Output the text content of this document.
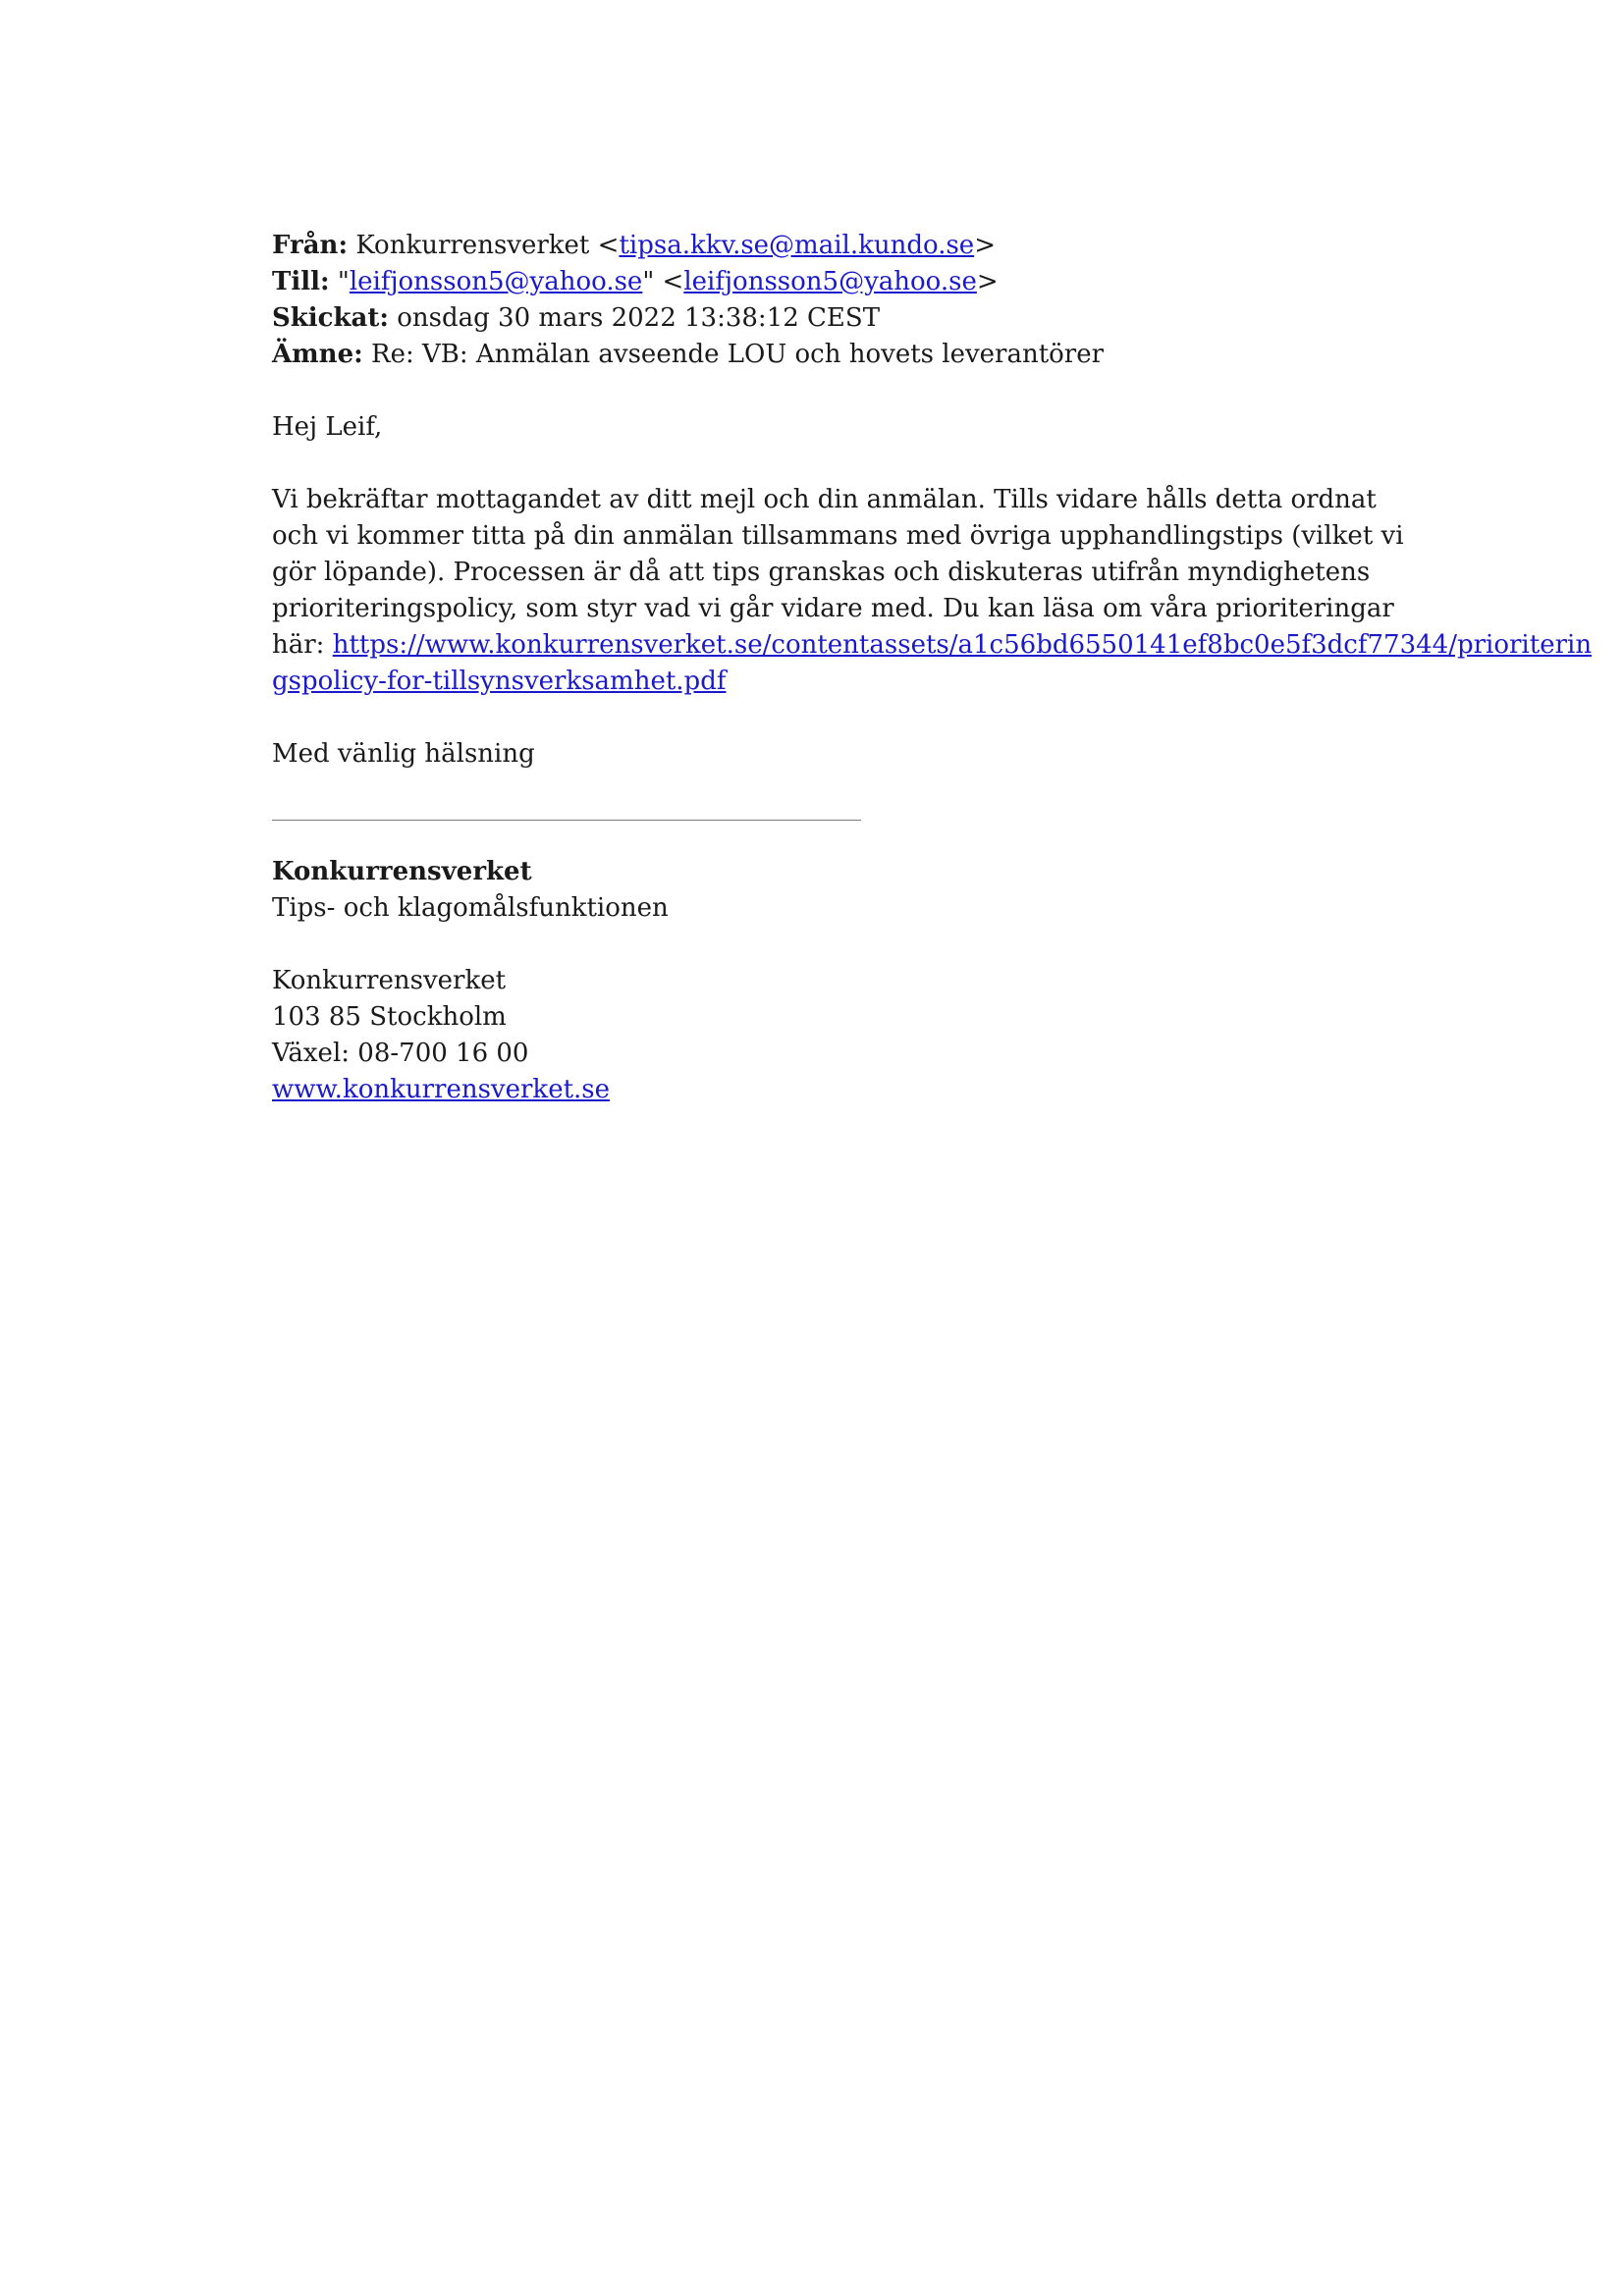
Från: Konkurrensverket <tipsa.kkv.se@mail.kundo.se>
Till: "leifjonsson5@yahoo.se" <leifjonsson5@yahoo.se>
Skickat: onsdag 30 mars 2022 13:38:12 CEST
Ämne: Re: VB: Anmälan avseende LOU och hovets leverantörer
Hej Leif,
Vi bekräftar mottagandet av ditt mejl och din anmälan. Tills vidare hålls detta ordnat och vi kommer titta på din anmälan tillsammans med övriga upphandlingstips (vilket vi gör löpande). Processen är då att tips granskas och diskuteras utifrån myndighetens prioriteringspolicy, som styr vad vi går vidare med. Du kan läsa om våra prioriteringar
här: https://www.konkurrensverket.se/contentassets/a1c56bd6550141ef8bc0e5f3dcf77344/prioriterin
gspolicy-for-tillsynsverksamhet.pdf
Med vänlig hälsning
Konkurrensverket
Tips- och klagomålsfunktionen
Konkurrensverket
103 85 Stockholm
Växel: 08-700 16 00
www.konkurrensverket.se
